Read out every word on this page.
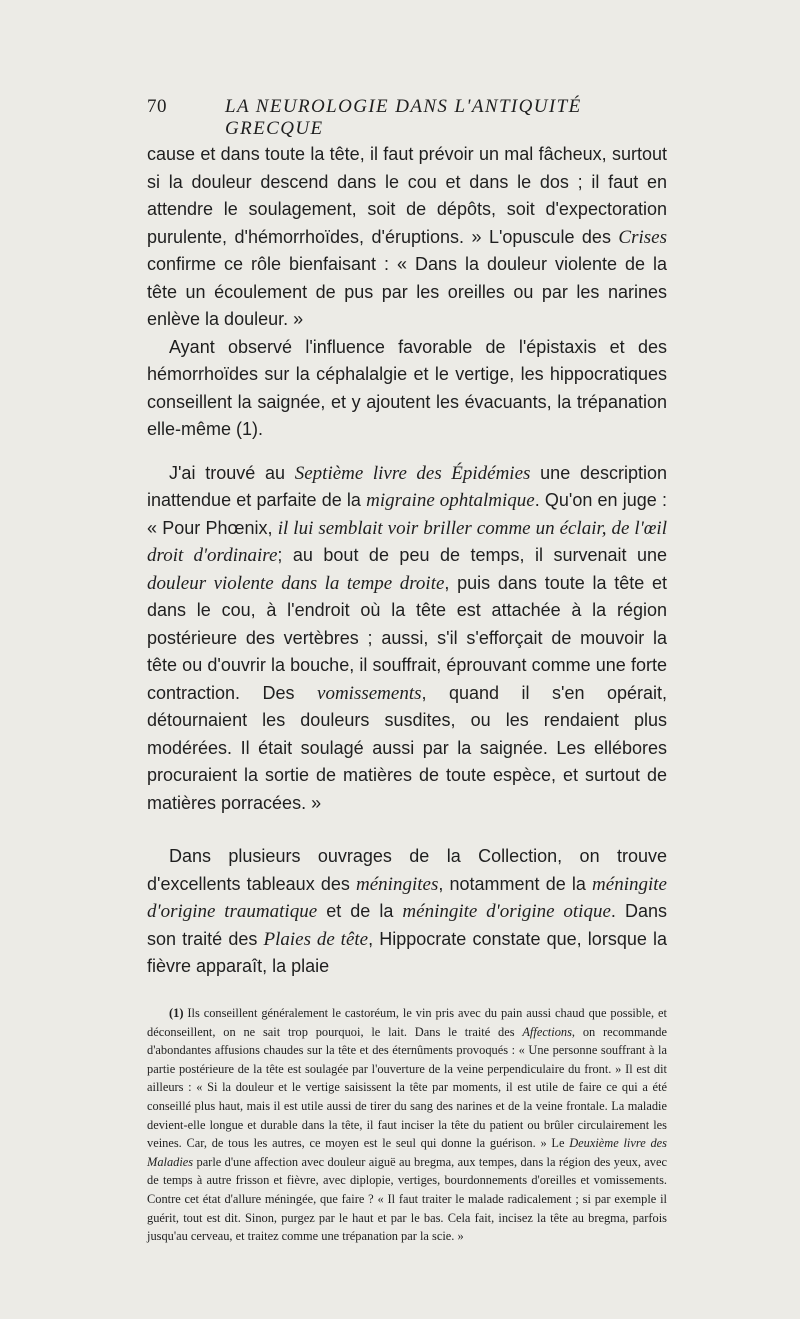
70	LA NEUROLOGIE DANS L'ANTIQUITÉ GRECQUE

cause et dans toute la tête, il faut prévoir un mal fâcheux, surtout si la douleur descend dans le cou et dans le dos ; il faut en attendre le soulagement, soit de dépôts, soit d'expectoration purulente, d'hémorrhoïdes, d'éruptions. » L'opuscule des Crises confirme ce rôle bienfaisant : « Dans la douleur violente de la tête un écoulement de pus par les oreilles ou par les narines enlève la douleur. »

Ayant observé l'influence favorable de l'épistaxis et des hémorrhoïdes sur la céphalalgie et le vertige, les hippocratiques conseillent la saignée, et y ajoutent les évacuants, la trépanation elle-même (1).

J'ai trouvé au Septième livre des Épidémies une description inattendue et parfaite de la migraine ophtalmique. Qu'on en juge : « Pour Phœnix, il lui semblait voir briller comme un éclair, de l'œil droit d'ordinaire; au bout de peu de temps, il survenait une douleur violente dans la tempe droite, puis dans toute la tête et dans le cou, à l'endroit où la tête est attachée à la région postérieure des vertèbres ; aussi, s'il s'efforçait de mouvoir la tête ou d'ouvrir la bouche, il souffrait, éprouvant comme une forte contraction. Des vomissements, quand il s'en opérait, détournaient les douleurs susdites, ou les rendaient plus modérées. Il était soulagé aussi par la saignée. Les ellébores procuraient la sortie de matières de toute espèce, et surtout de matières porracées. »

Dans plusieurs ouvrages de la Collection, on trouve d'excellents tableaux des méningites, notamment de la méningite d'origine traumatique et de la méningite d'origine otique. Dans son traité des Plaies de tête, Hippocrate constate que, lorsque la fièvre apparaît, la plaie

(1) Ils conseillent généralement le castoréum, le vin pris avec du pain aussi chaud que possible, et déconseillent, on ne sait trop pourquoi, le lait. Dans le traité des Affections, on recommande d'abondantes affusions chaudes sur la tête et des éternûments provoqués : « Une personne souffrant à la partie postérieure de la tête est soulagée par l'ouverture de la veine perpendiculaire du front. » Il est dit ailleurs : « Si la douleur et le vertige saisissent la tête par moments, il est utile de faire ce qui a été conseillé plus haut, mais il est utile aussi de tirer du sang des narines et de la veine frontale. La maladie devient-elle longue et durable dans la tête, il faut inciser la tête du patient ou brûler circulairement les veines. Car, de tous les autres, ce moyen est le seul qui donne la guérison. » Le Deuxième livre des Maladies parle d'une affection avec douleur aiguë au bregma, aux tempes, dans la région des yeux, avec de temps à autre frisson et fièvre, avec diplopie, vertiges, bourdonnements d'oreilles et vomissements. Contre cet état d'allure méningée, que faire ? « Il faut traiter le malade radicalement ; si par exemple il guérit, tout est dit. Sinon, purgez par le haut et par le bas. Cela fait, incisez la tête au bregma, parfois jusqu'au cerveau, et traitez comme une trépanation par la scie. »
